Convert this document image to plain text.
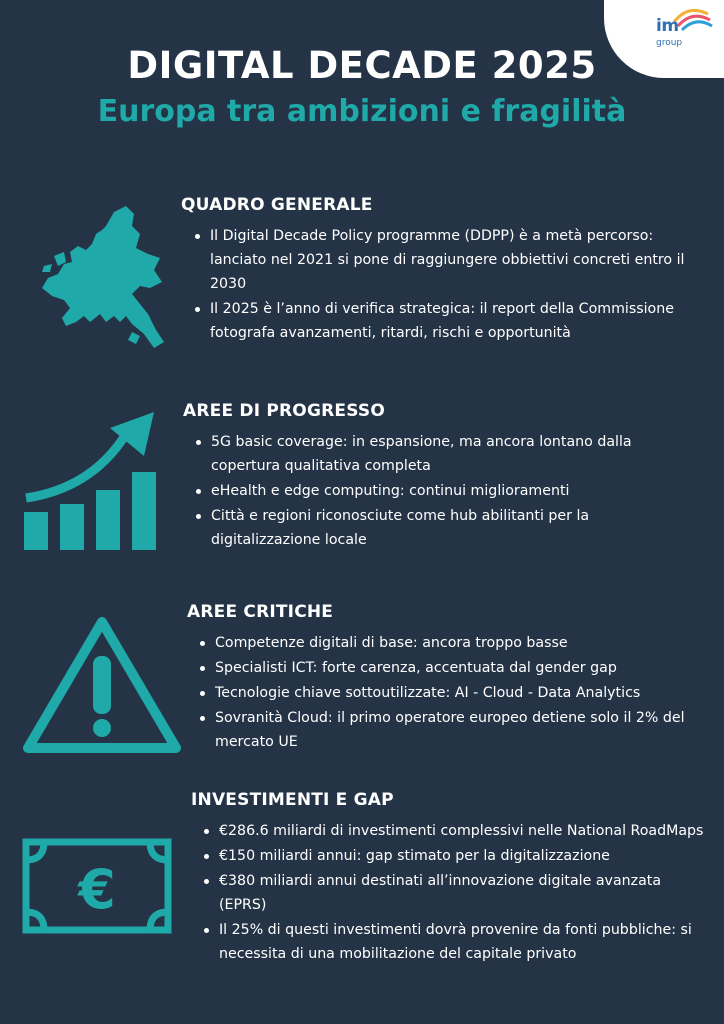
im
group
DIGITAL DECADE 2025
Europa tra ambizioni e fragilità
QUADRO GENERALE
Il Digital Decade Policy programme (DDPP) è a metà percorso: lanciato nel 2021 si pone di raggiungere obbiettivi concreti entro il 2030
Il 2025 è l’anno di verifica strategica: il report della Commissione fotografa avanzamenti, ritardi, rischi e opportunità
AREE DI PROGRESSO
5G basic coverage: in espansione, ma ancora lontano dalla copertura qualitativa completa
eHealth e edge computing: continui miglioramenti
Città e regioni riconosciute come hub abilitanti per la digitalizzazione locale
AREE CRITICHE
Competenze digitali di base: ancora troppo basse
Specialisti ICT: forte carenza, accentuata dal gender gap
Tecnologie chiave sottoutilizzate: AI - Cloud - Data Analytics
Sovranità Cloud: il primo operatore europeo detiene solo il 2% del mercato UE
€
INVESTIMENTI E GAP
€286.6 miliardi di investimenti complessivi nelle National RoadMaps
€150 miliardi annui: gap stimato per la digitalizzazione
€380 miliardi annui destinati all’innovazione digitale avanzata (EPRS)
Il 25% di questi investimenti dovrà provenire da fonti pubbliche: si necessita di una mobilitazione del capitale privato
